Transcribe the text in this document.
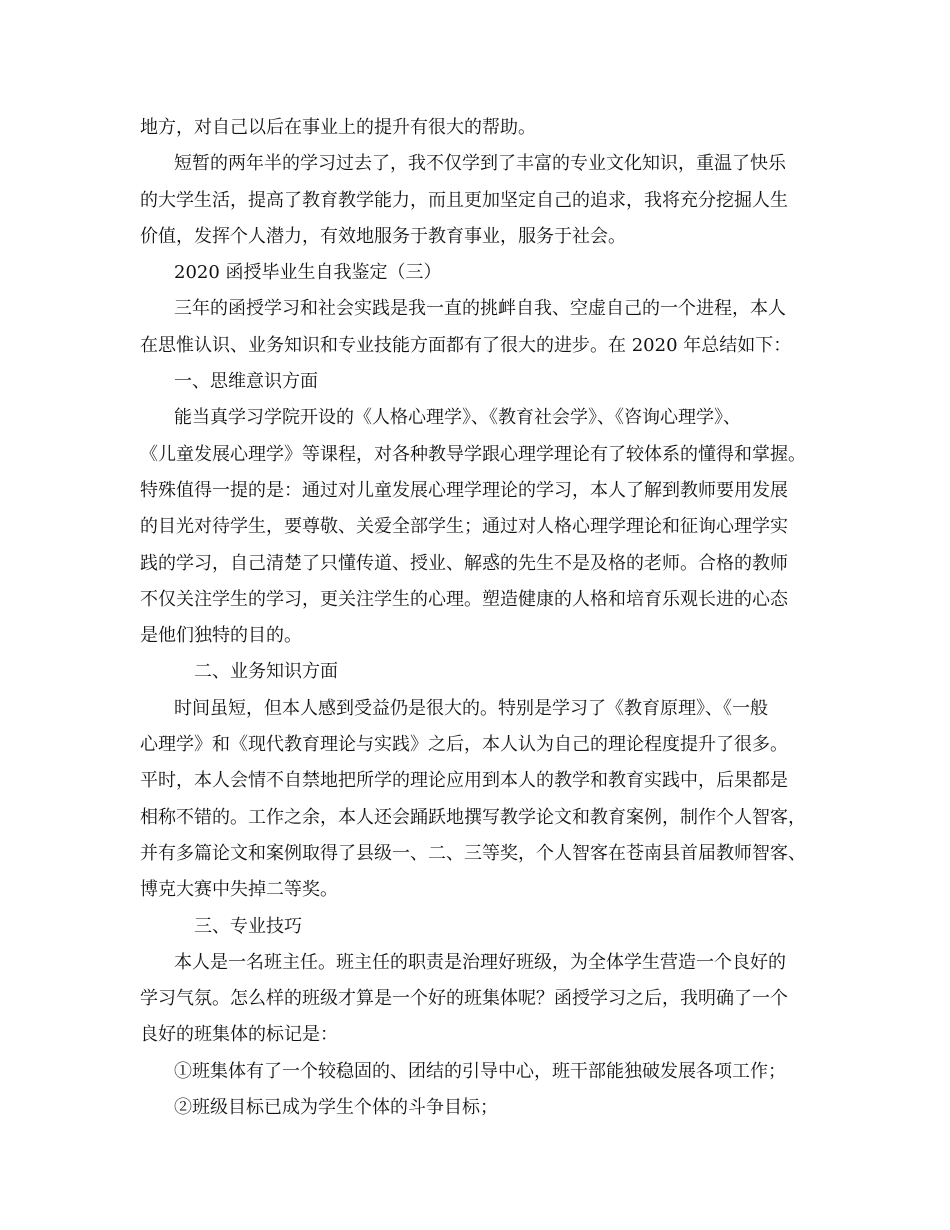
地方，对自己以后在事业上的提升有很大的帮助。
短暂的两年半的学习过去了，我不仅学到了丰富的专业文化知识，重温了快乐
的大学生活，提高了教育教学能力，而且更加坚定自己的追求，我将充分挖掘人生
价值，发挥个人潜力，有效地服务于教育事业，服务于社会。
2020 函授毕业生自我鉴定（三）
三年的函授学习和社会实践是我一直的挑衅自我、空虚自己的一个进程，本人
在思惟认识、业务知识和专业技能方面都有了很大的进步。在 2020 年总结如下：
一、思维意识方面
能当真学习学院开设的《人格心理学》、《教育社会学》、《咨询心理学》、
《儿童发展心理学》等课程，对各种教导学跟心理学理论有了较体系的懂得和掌握。
特殊值得一提的是：通过对儿童发展心理学理论的学习，本人了解到教师要用发展
的目光对待学生，要尊敬、关爱全部学生；通过对人格心理学理论和征询心理学实
践的学习，自己清楚了只懂传道、授业、解惑的先生不是及格的老师。合格的教师
不仅关注学生的学习，更关注学生的心理。塑造健康的人格和培育乐观长进的心态
是他们独特的目的。
二、业务知识方面
时间虽短，但本人感到受益仍是很大的。特别是学习了《教育原理》、《一般
心理学》和《现代教育理论与实践》之后，本人认为自己的理论程度提升了很多。
平时，本人会情不自禁地把所学的理论应用到本人的教学和教育实践中，后果都是
相称不错的。工作之余，本人还会踊跃地撰写教学论文和教育案例，制作个人智客，
并有多篇论文和案例取得了县级一、二、三等奖，个人智客在苍南县首届教师智客、
博克大赛中失掉二等奖。
三、专业技巧
本人是一名班主任。班主任的职责是治理好班级，为全体学生营造一个良好的
学习气氛。怎么样的班级才算是一个好的班集体呢？函授学习之后，我明确了一个
良好的班集体的标记是：
①班集体有了一个较稳固的、团结的引导中心，班干部能独破发展各项工作；
②班级目标已成为学生个体的斗争目标；
